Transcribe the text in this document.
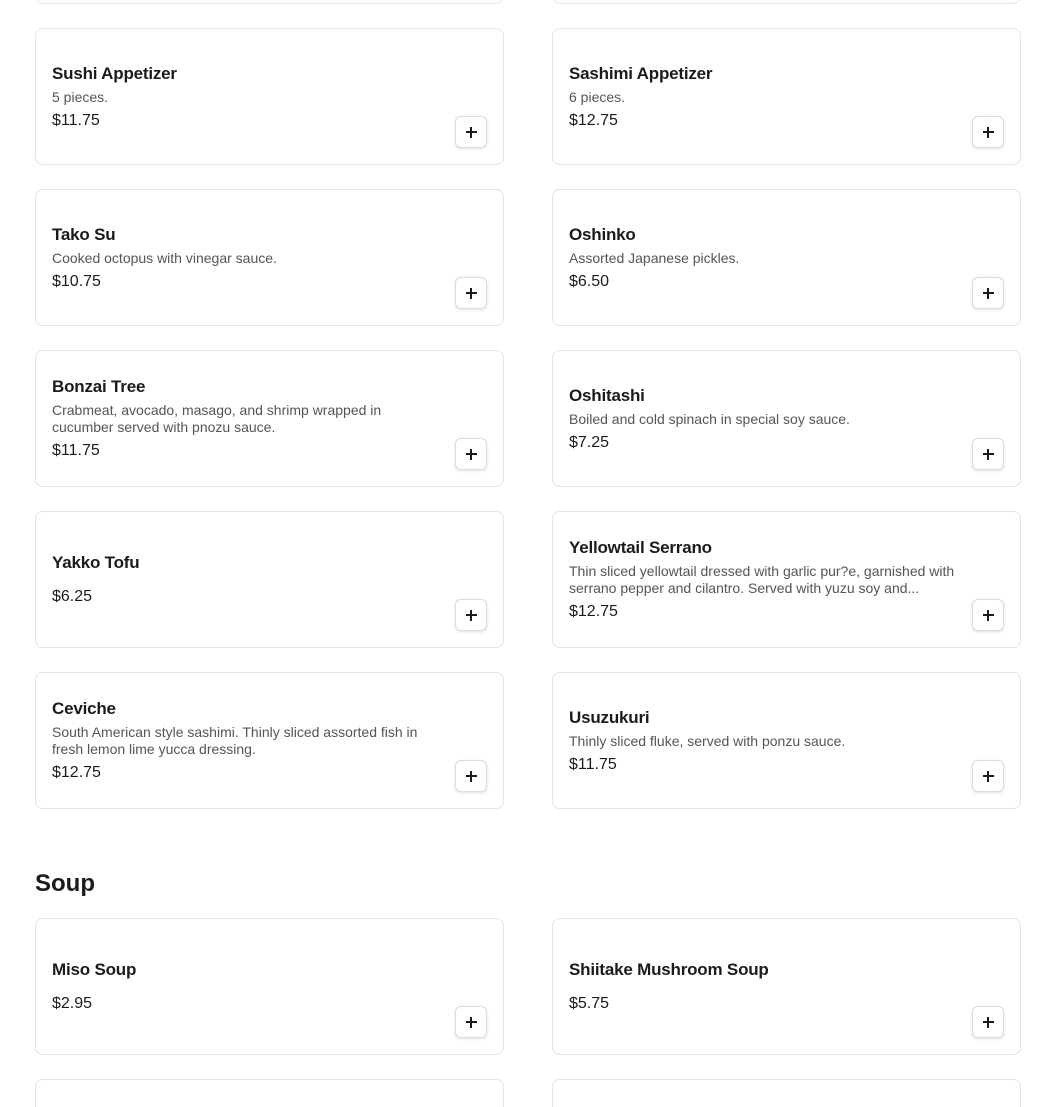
Sushi Appetizer
5 pieces.
$11.75
Sashimi Appetizer
6 pieces.
$12.75
Tako Su
Cooked octopus with vinegar sauce.
$10.75
Oshinko
Assorted Japanese pickles.
$6.50
Bonzai Tree
Crabmeat, avocado, masago, and shrimp wrapped in cucumber served with pnozu sauce.
$11.75
Oshitashi
Boiled and cold spinach in special soy sauce.
$7.25
Yakko Tofu
$6.25
Yellowtail Serrano
Thin sliced yellowtail dressed with garlic pur?e, garnished with serrano pepper and cilantro. Served with yuzu soy and...
$12.75
Ceviche
South American style sashimi. Thinly sliced assorted fish in fresh lemon lime yucca dressing.
$12.75
Usuzukuri
Thinly sliced fluke, served with ponzu sauce.
$11.75
Soup
Miso Soup
$2.95
Shiitake Mushroom Soup
$5.75
